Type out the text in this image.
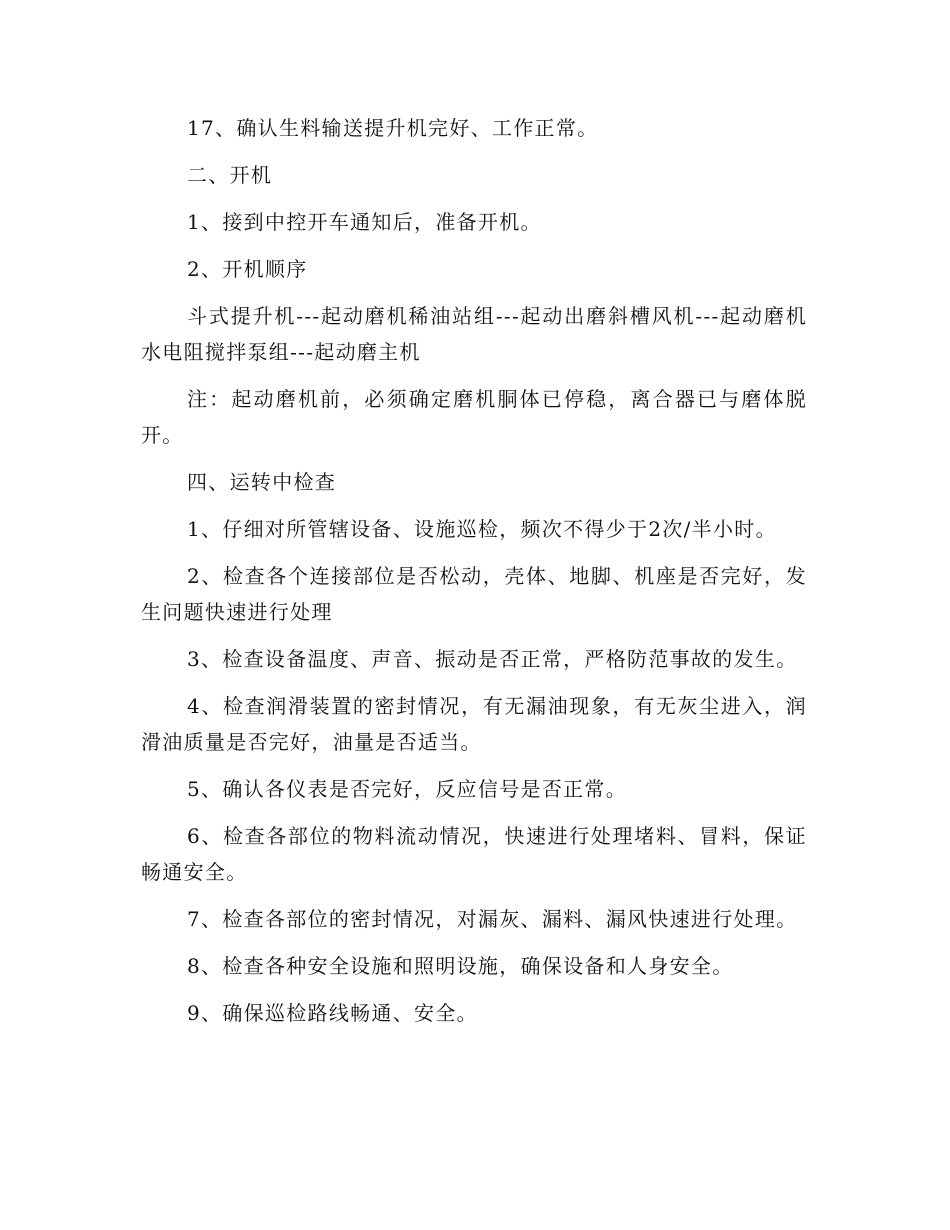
17、确认生料输送提升机完好、工作正常。

二、开机

1、接到中控开车通知后，准备开机。

2、开机顺序

斗式提升机---起动磨机稀油站组---起动出磨斜槽风机---起动磨机水电阻搅拌泵组---起动磨主机

注：起动磨机前，必须确定磨机胴体已停稳，离合器已与磨体脱开。

四、运转中检查

1、仔细对所管辖设备、设施巡检，频次不得少于2次/半小时。

2、检查各个连接部位是否松动，壳体、地脚、机座是否完好，发生问题快速进行处理

3、检查设备温度、声音、振动是否正常，严格防范事故的发生。

4、检查润滑装置的密封情况，有无漏油现象，有无灰尘进入，润滑油质量是否完好，油量是否适当。

5、确认各仪表是否完好，反应信号是否正常。

6、检查各部位的物料流动情况，快速进行处理堵料、冒料，保证畅通安全。

7、检查各部位的密封情况，对漏灰、漏料、漏风快速进行处理。

8、检查各种安全设施和照明设施，确保设备和人身安全。

9、确保巡检路线畅通、安全。
